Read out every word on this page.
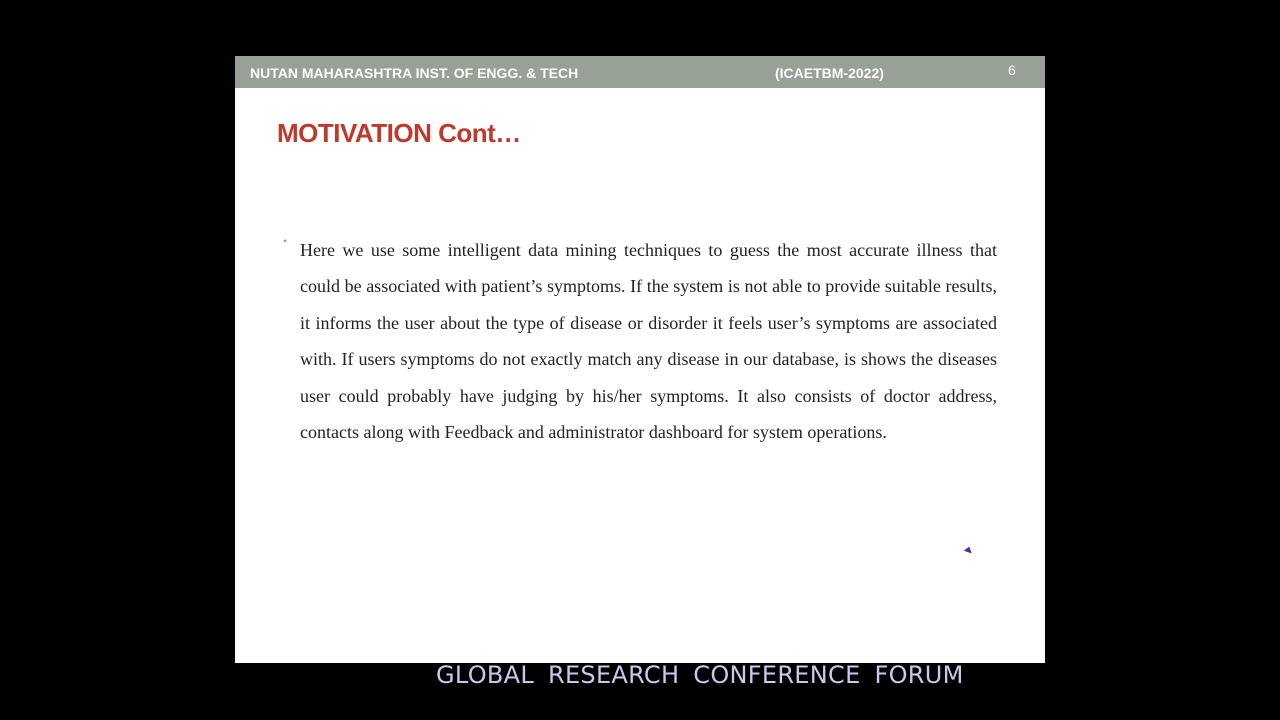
NUTAN MAHARASHTRA INST. OF ENGG. & TECH	(ICAETBM-2022)	6
MOTIVATION Cont…
• Here we use some intelligent data mining techniques to guess the most accurate illness that could be associated with patient’s symptoms. If the system is not able to provide suitable results, it informs the user about the type of disease or disorder it feels user’s symptoms are associated with. If users symptoms do not exactly match any disease in our database, is shows the diseases user could probably have judging by his/her symptoms. It also consists of doctor address, contacts along with Feedback and administrator dashboard for system operations.
GLOBAL RESEARCH CONFERENCE FORUM
